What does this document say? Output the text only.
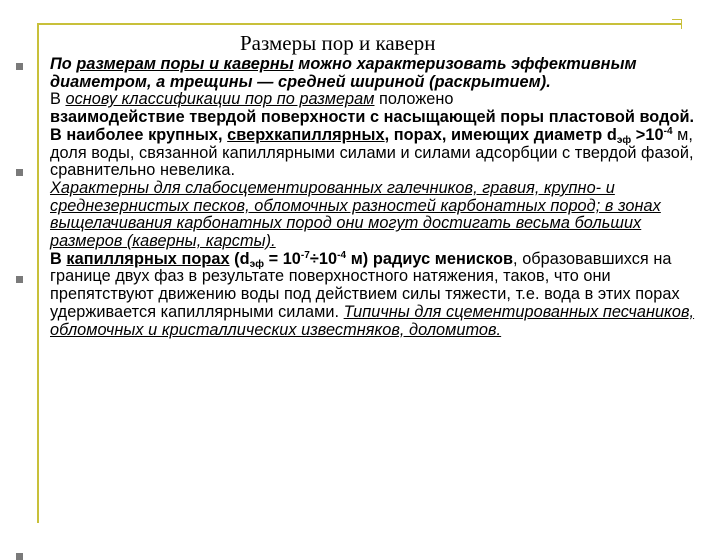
Размеры пор и каверн

По размерам поры и каверны можно характеризовать эффективным диаметром, а трещины — средней шириной (раскрытием).

В основу классификации пор по размерам положено
взаимодействие твердой поверхности с насыщающей поры пластовой водой.

В наиболее крупных, сверхкапиллярных, порах, имеющих диаметр $d_{эф} >10^{-4}$ м, доля воды, связанной капиллярными силами и силами адсорбции с твердой фазой, сравнительно невелика.
Характерны для слабосцементированных галечников, гравия, крупно- и среднезернистых песков, обломочных разностей карбонатных пород; в зонах выщелачивания карбонатных пород они могут достигать весьма больших размеров (каверны, карсты).

В капиллярных порах ($d_{эф} = 10^{-7}\div 10^{-4}$ м) радиус менисков, образовавшихся на границе двух фаз в результате поверхностного натяжения, таков, что они препятствуют движению воды под действием силы тяжести, т.е. вода в этих порах удерживается капиллярными силами. Типичны для сцементированных песчаников, обломочных и кристаллических известняков, доломитов.
